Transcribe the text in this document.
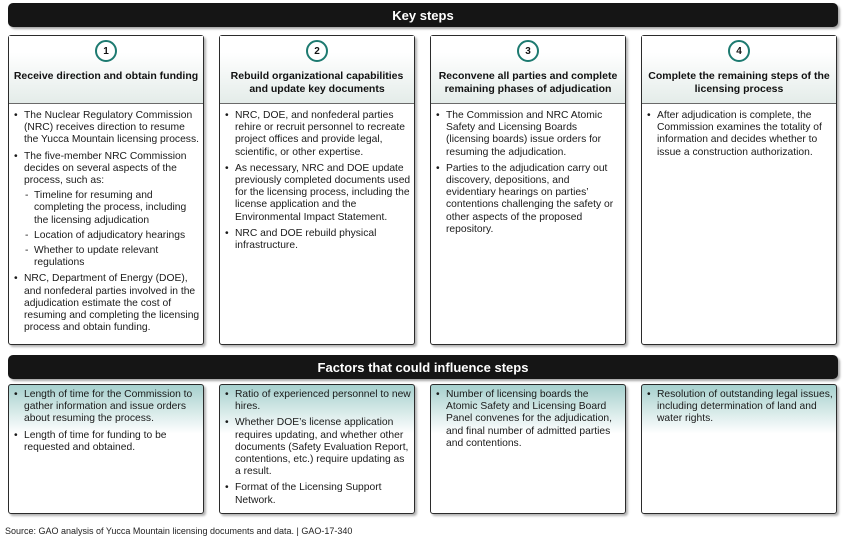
Key steps
1
Receive direction and obtain funding
• The Nuclear Regulatory Commission (NRC) receives direction to resume the Yucca Mountain licensing process.
• The five-member NRC Commission decides on several aspects of the process, such as:
- Timeline for resuming and completing the process, including the licensing adjudication
- Location of adjudicatory hearings
- Whether to update relevant regulations
• NRC, Department of Energy (DOE), and nonfederal parties involved in the adjudication estimate the cost of resuming and completing the licensing process and obtain funding.
2
Rebuild organizational capabilities and update key documents
• NRC, DOE, and nonfederal parties rehire or recruit personnel to recreate project offices and provide legal, scientific, or other expertise.
• As necessary, NRC and DOE update previously completed documents used for the licensing process, including the license application and the Environmental Impact Statement.
• NRC and DOE rebuild physical infrastructure.
3
Reconvene all parties and complete remaining phases of adjudication
• The Commission and NRC Atomic Safety and Licensing Boards (licensing boards) issue orders for resuming the adjudication.
• Parties to the adjudication carry out discovery, depositions, and evidentiary hearings on parties’ contentions challenging the safety or other aspects of the proposed repository.
4
Complete the remaining steps of the licensing process
• After adjudication is complete, the Commission examines the totality of information and decides whether to issue a construction authorization.
Factors that could influence steps
• Length of time for the Commission to gather information and issue orders about resuming the process.
• Length of time for funding to be requested and obtained.
• Ratio of experienced personnel to new hires.
• Whether DOE’s license application requires updating, and whether other documents (Safety Evaluation Report, contentions, etc.) require updating as a result.
• Format of the Licensing Support Network.
• Number of licensing boards the Atomic Safety and Licensing Board Panel convenes for the adjudication, and final number of admitted parties and contentions.
• Resolution of outstanding legal issues, including determination of land and water rights.
Source: GAO analysis of Yucca Mountain licensing documents and data. | GAO-17-340
